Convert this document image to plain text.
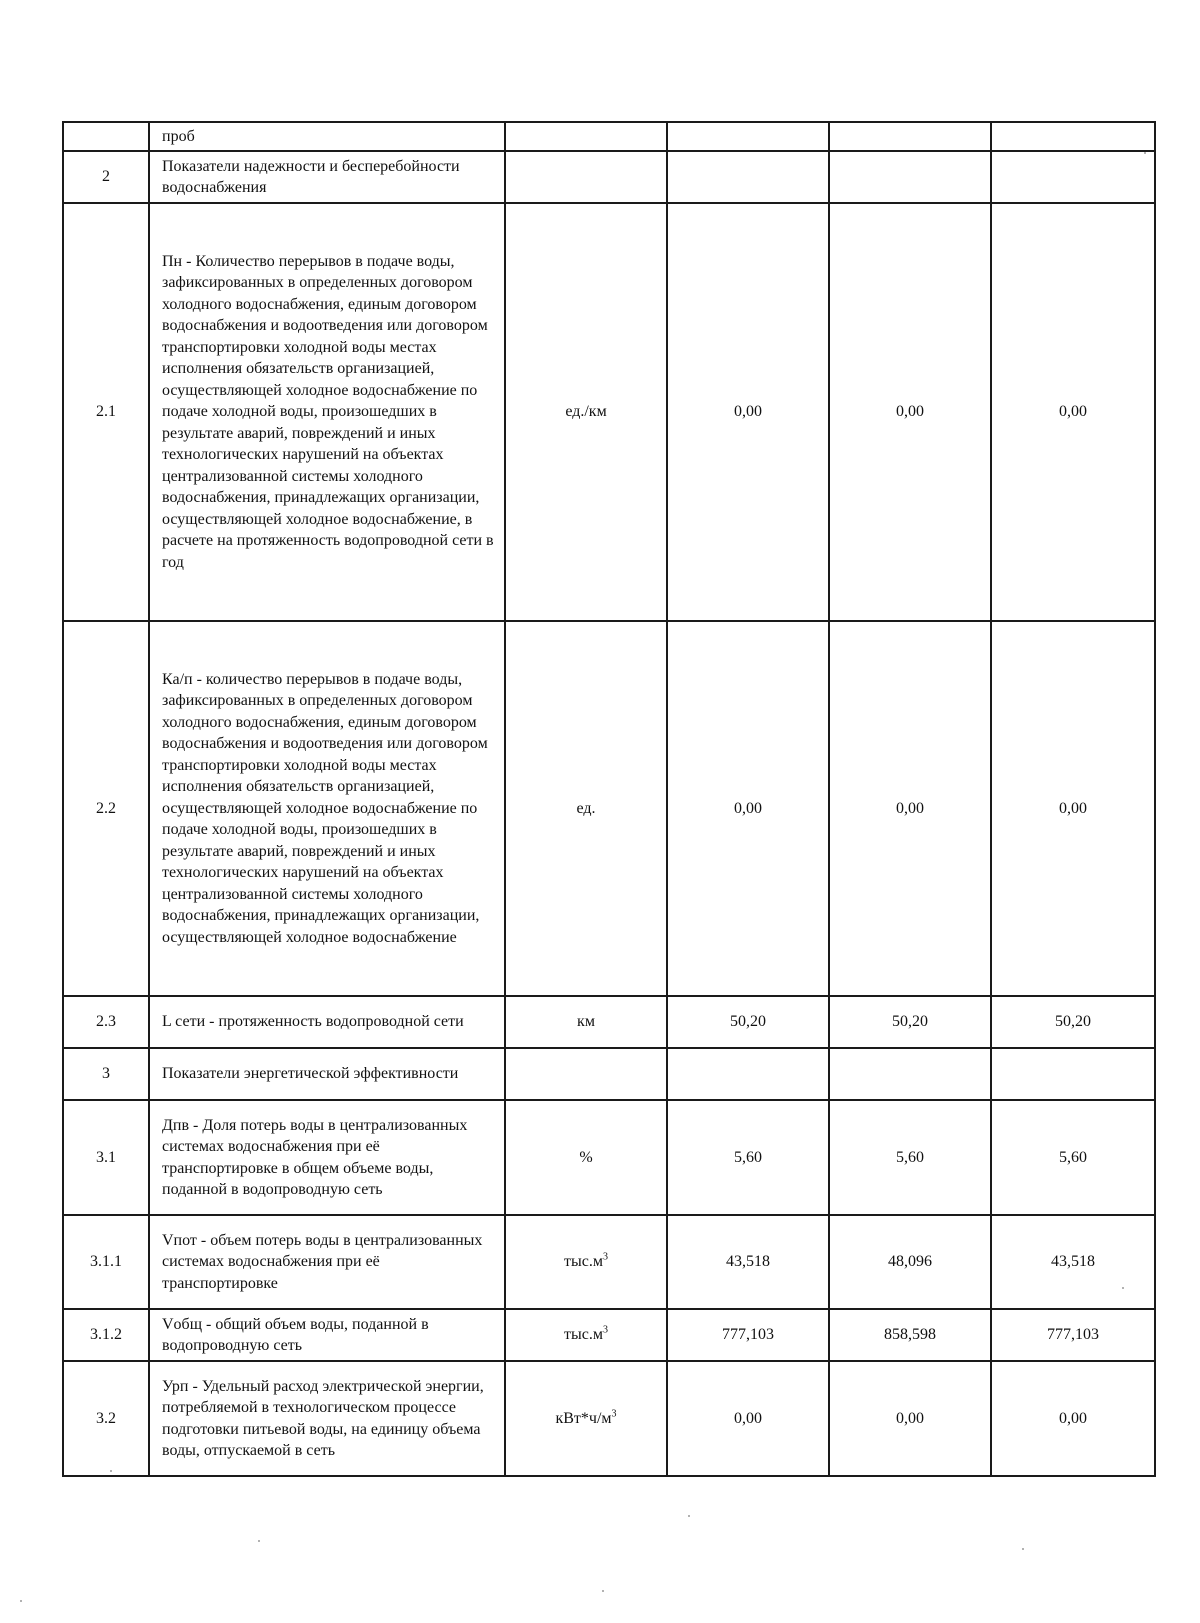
	проб				
2	Показатели надежности и бесперебойности водоснабжения				
2.1	Пн - Количество перерывов в подаче воды, зафиксированных в определенных договором холодного водоснабжения, единым договором водоснабжения и водоотведения или договором транспортировки холодной воды местах исполнения обязательств организацией, осуществляющей холодное водоснабжение по подаче холодной воды, произошедших в результате аварий, повреждений и иных технологических нарушений на объектах централизованной системы холодного водоснабжения, принадлежащих организации, осуществляющей холодное водоснабжение, в расчете на протяженность водопроводной сети в год	ед./км	0,00	0,00	0,00
2.2	Ка/п - количество перерывов в подаче воды, зафиксированных в определенных договором холодного водоснабжения, единым договором водоснабжения и водоотведения или договором транспортировки холодной воды местах исполнения обязательств организацией, осуществляющей холодное водоснабжение по подаче холодной воды, произошедших в результате аварий, повреждений и иных технологических нарушений на объектах централизованной системы холодного водоснабжения, принадлежащих организации, осуществляющей холодное водоснабжение	ед.	0,00	0,00	0,00
2.3	L сети - протяженность водопроводной сети	км	50,20	50,20	50,20
3	Показатели энергетической эффективности				
3.1	Дпв - Доля потерь воды в централизованных системах водоснабжения при её транспортировке в общем объеме воды, поданной в водопроводную сеть	%	5,60	5,60	5,60
3.1.1	Vпот - объем потерь воды в централизованных системах водоснабжения при её транспортировке	$тыс.м^3$	43,518	48,096	43,518
3.1.2	Vобщ - общий объем воды, поданной в водопроводную сеть	$тыс.м^3$	777,103	858,598	777,103
3.2	Урп - Удельный расход электрической энергии, потребляемой в технологическом процессе подготовки питьевой воды, на единицу объема воды, отпускаемой в сеть	$кВт*ч/м^3$	0,00	0,00	0,00
